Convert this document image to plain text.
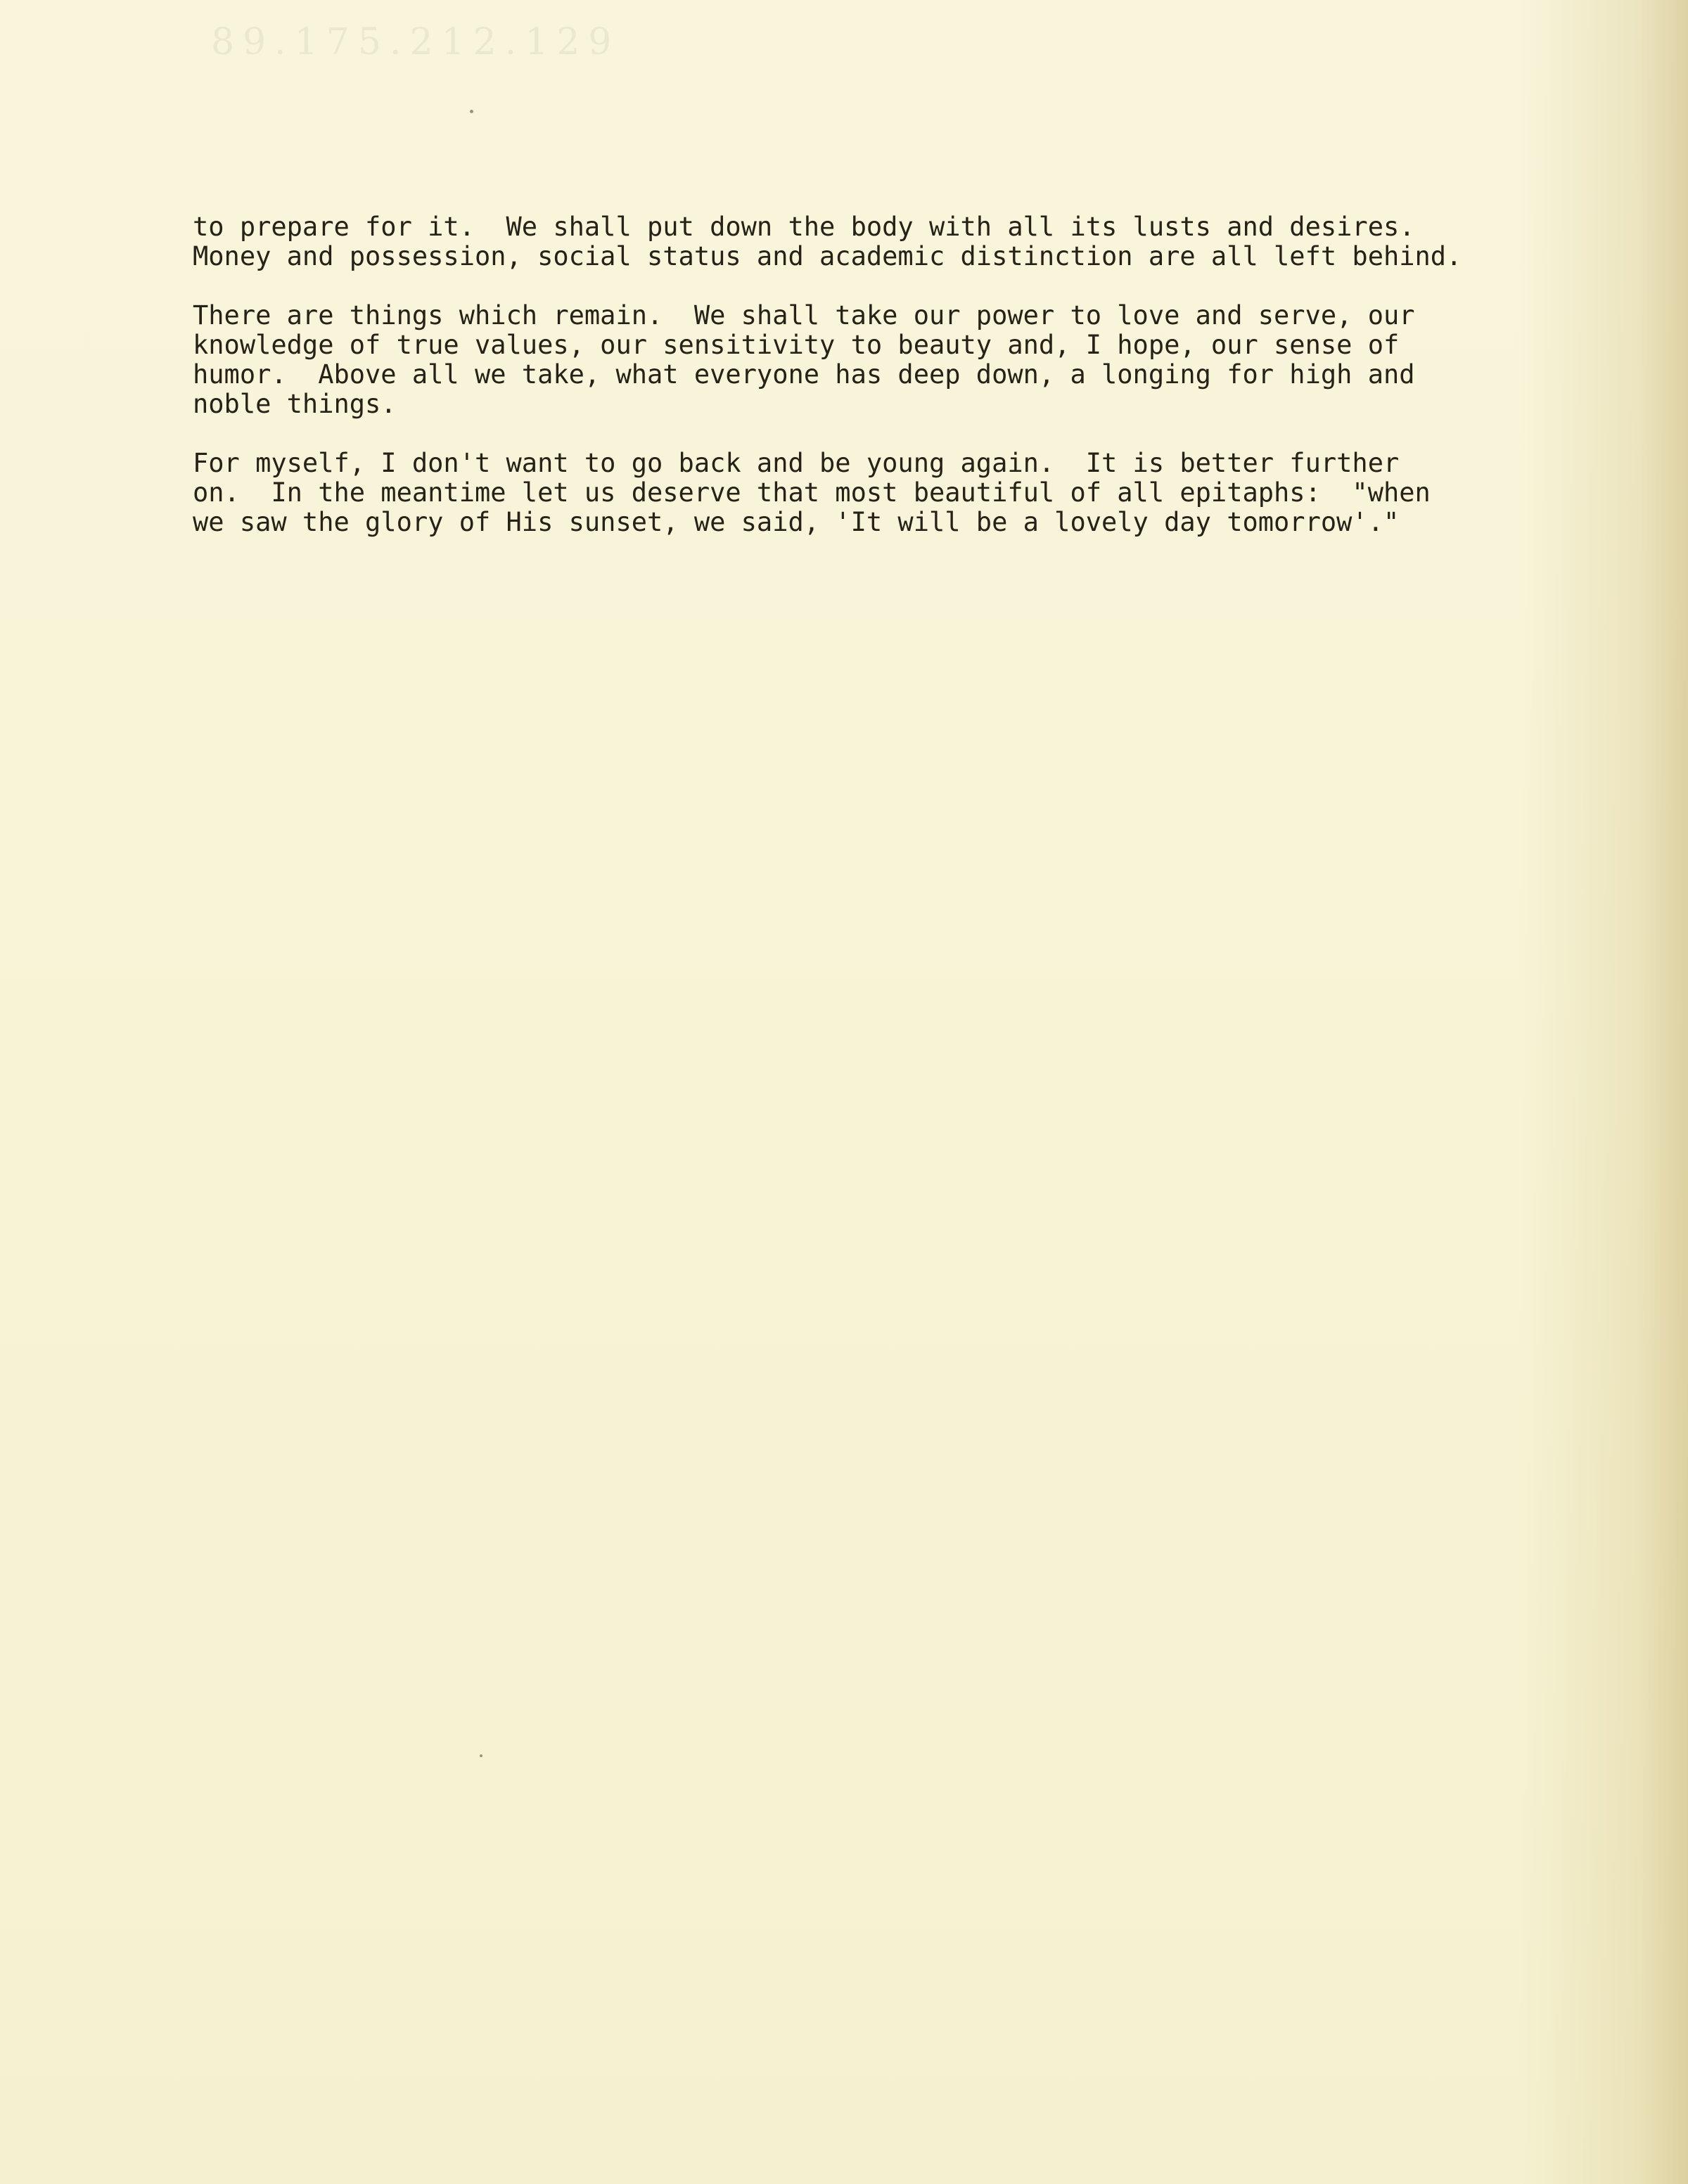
89.175.212.129

to prepare for it.  We shall put down the body with all its lusts and desires.
Money and possession, social status and academic distinction are all left behind.

There are things which remain.  We shall take our power to love and serve, our
knowledge of true values, our sensitivity to beauty and, I hope, our sense of
humor.  Above all we take, what everyone has deep down, a longing for high and
noble things.

For myself, I don't want to go back and be young again.  It is better further
on.  In the meantime let us deserve that most beautiful of all epitaphs:  "when
we saw the glory of His sunset, we said, 'It will be a lovely day tomorrow'."
